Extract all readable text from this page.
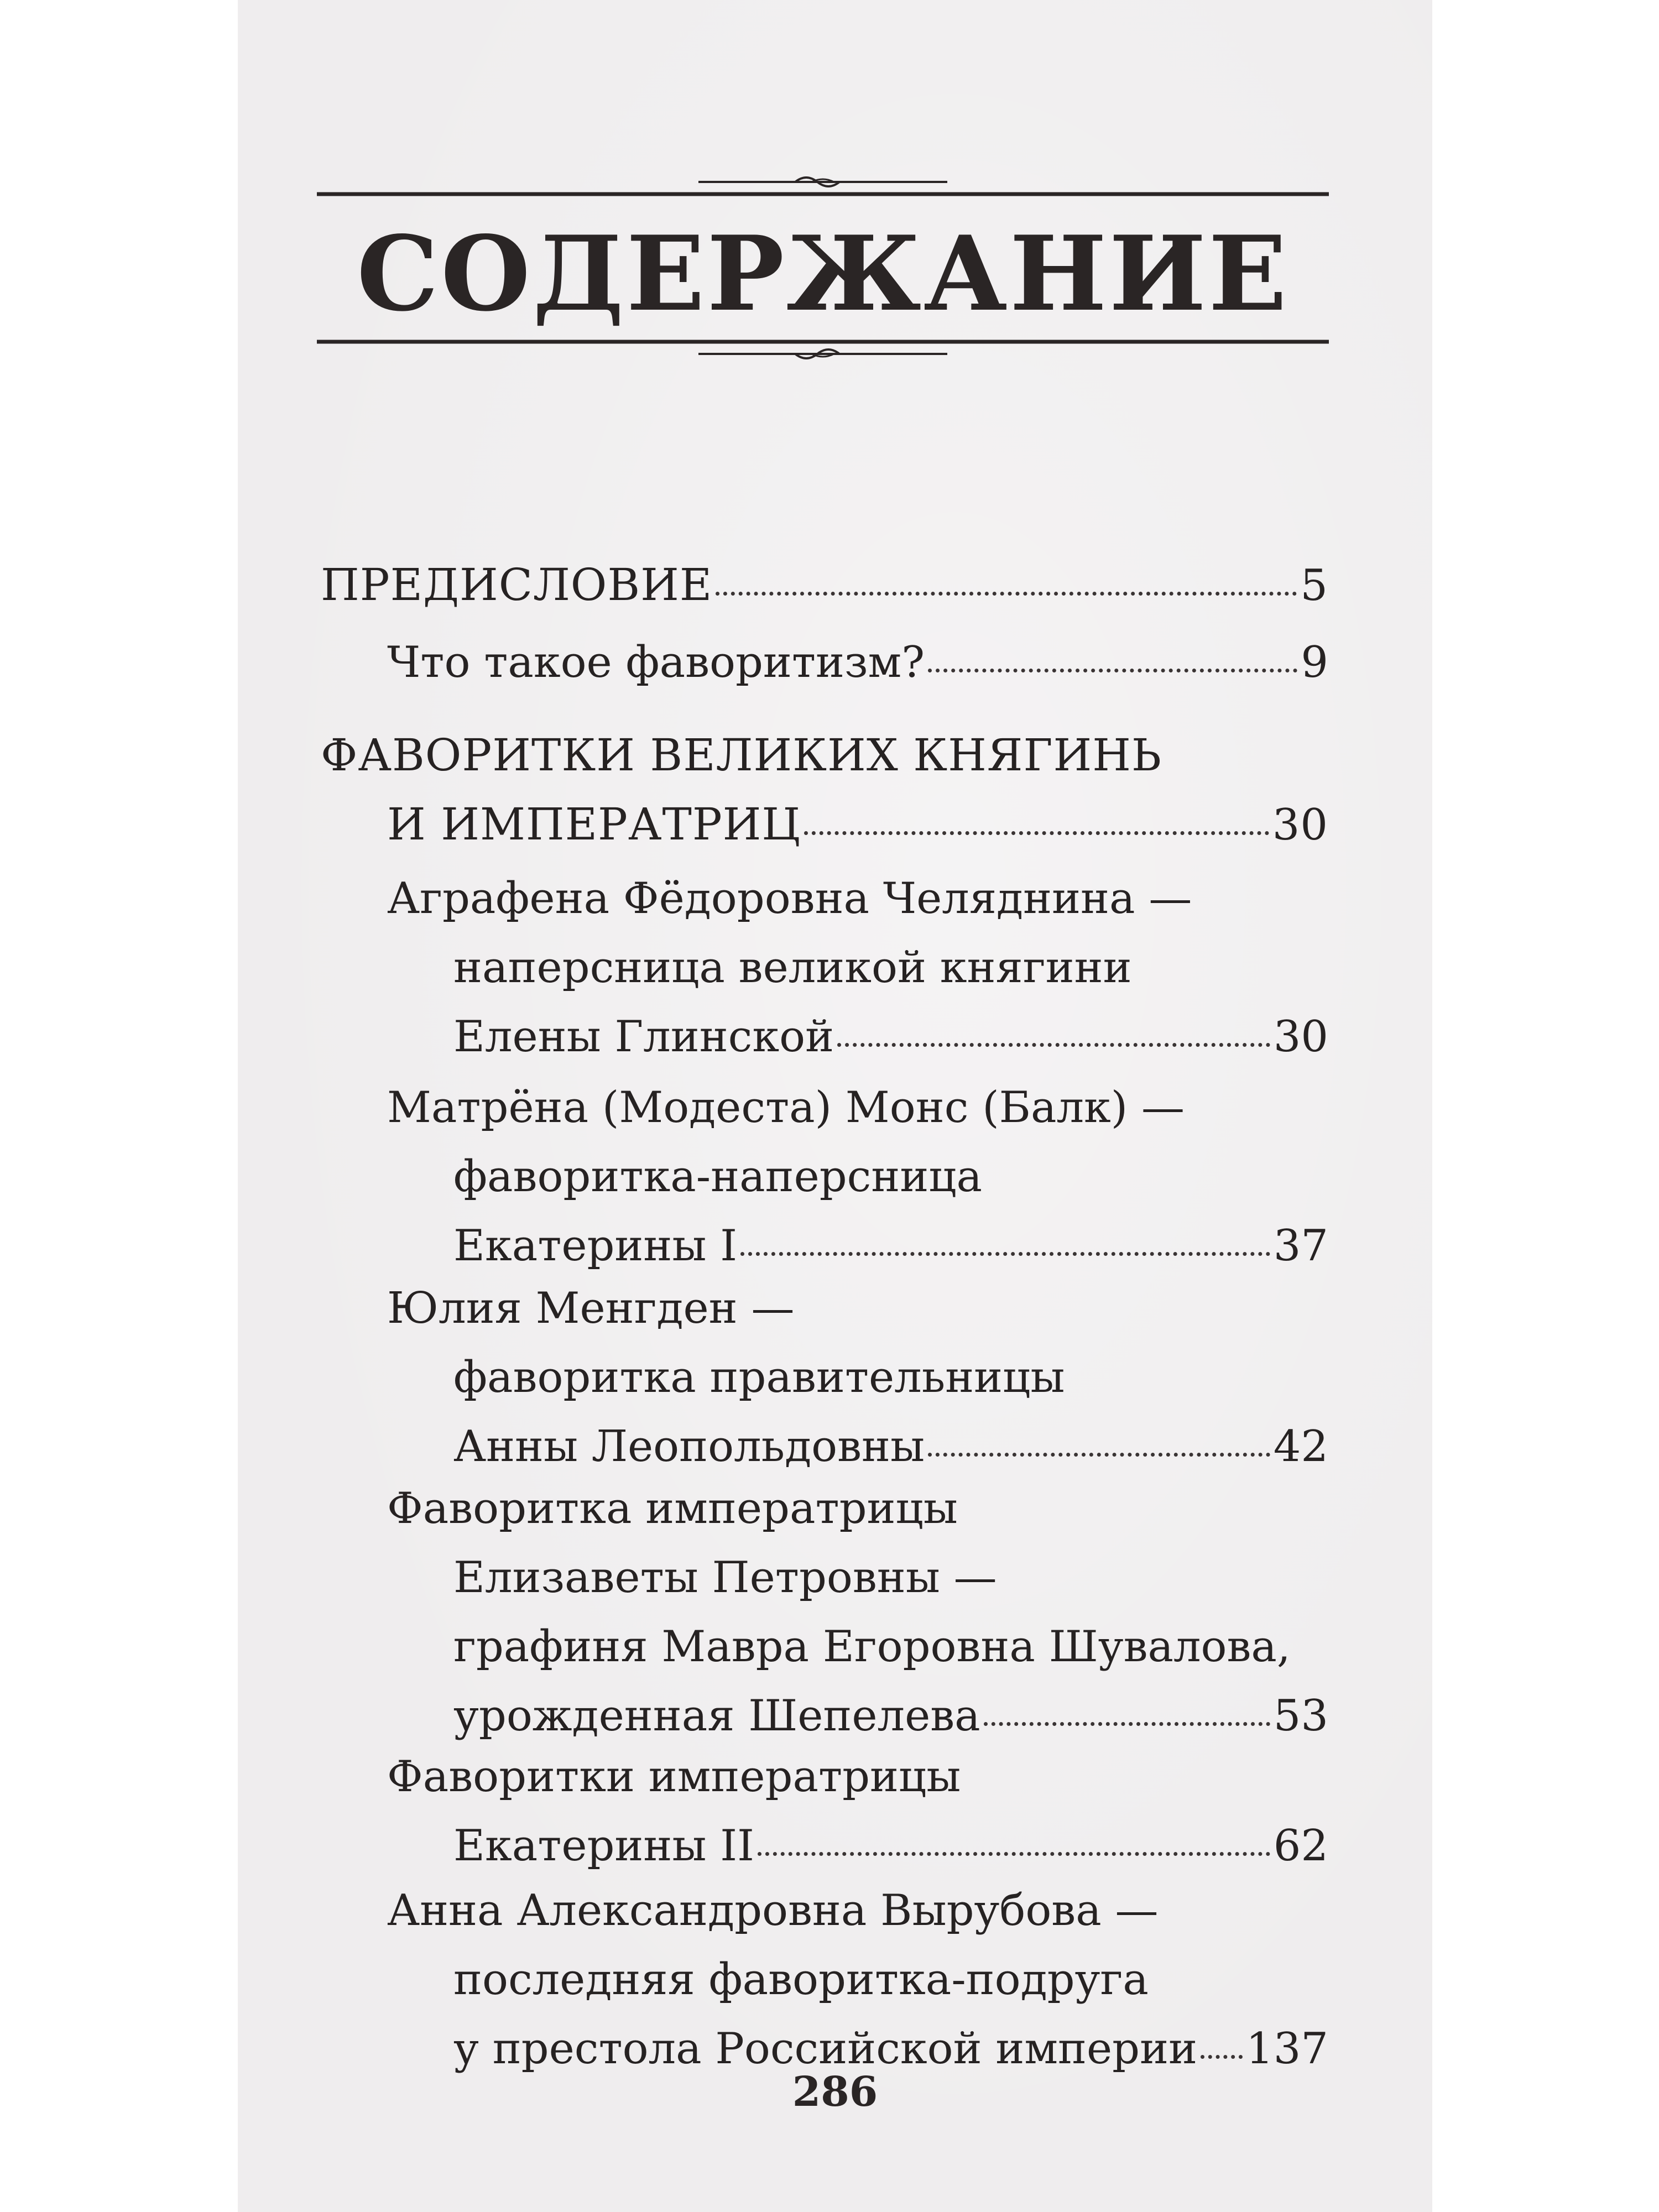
СОДЕРЖАНИЕ
ПРЕДИСЛОВИЕ	5
Что такое фаворитизм?	9
ФАВОРИТКИ ВЕЛИКИХ КНЯГИНЬ
И ИМПЕРАТРИЦ	30
Аграфена Фёдоровна Челяднина —
наперсница великой княгини
Елены Глинской	30
Матрёна (Модеста) Монс (Балк) —
фаворитка-наперсница
Екатерины I	37
Юлия Менгден —
фаворитка правительницы
Анны Леопольдовны	42
Фаворитка императрицы
Елизаветы Петровны —
графиня Мавра Егоровна Шувалова,
урожденная Шепелева	53
Фаворитки императрицы
Екатерины II	62
Анна Александровна Вырубова —
последняя фаворитка-подруга
у престола Российской империи 137
286
